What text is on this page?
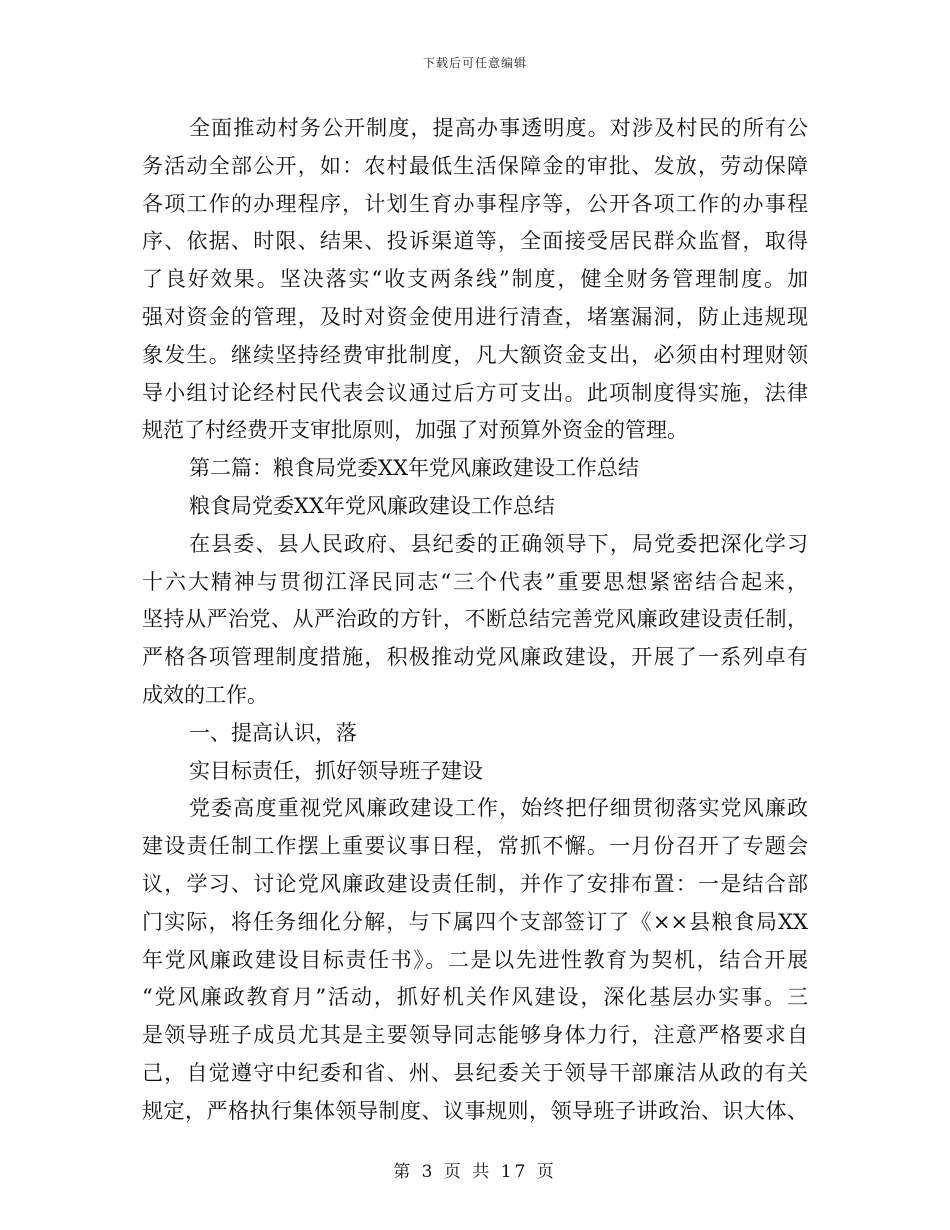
下载后可任意编辑
全面推动村务公开制度，提高办事透明度。对涉及村民的所有公
务活动全部公开，如：农村最低生活保障金的审批、发放，劳动保障
各项工作的办理程序，计划生育办事程序等，公开各项工作的办事程
序、依据、时限、结果、投诉渠道等，全面接受居民群众监督，取得
了良好效果。坚决落实“收支两条线”制度，健全财务管理制度。加
强对资金的管理，及时对资金使用进行清查，堵塞漏洞，防止违规现
象发生。继续坚持经费审批制度，凡大额资金支出，必须由村理财领
导小组讨论经村民代表会议通过后方可支出。此项制度得实施，法律
规范了村经费开支审批原则，加强了对预算外资金的管理。
第二篇：粮食局党委XX年党风廉政建设工作总结
粮食局党委XX年党风廉政建设工作总结
在县委、县人民政府、县纪委的正确领导下，局党委把深化学习
十六大精神与贯彻江泽民同志“三个代表”重要思想紧密结合起来，
坚持从严治党、从严治政的方针，不断总结完善党风廉政建设责任制，
严格各项管理制度措施，积极推动党风廉政建设，开展了一系列卓有
成效的工作。
一、提高认识，落
实目标责任，抓好领导班子建设
党委高度重视党风廉政建设工作，始终把仔细贯彻落实党风廉政
建设责任制工作摆上重要议事日程，常抓不懈。一月份召开了专题会
议，学习、讨论党风廉政建设责任制，并作了安排布置：一是结合部
门实际，将任务细化分解，与下属四个支部签订了《××县粮食局XX
年党风廉政建设目标责任书》。二是以先进性教育为契机，结合开展
“党风廉政教育月”活动，抓好机关作风建设，深化基层办实事。三
是领导班子成员尤其是主要领导同志能够身体力行，注意严格要求自
己，自觉遵守中纪委和省、州、县纪委关于领导干部廉洁从政的有关
规定，严格执行集体领导制度、议事规则，领导班子讲政治、识大体、
第 3 页 共 17 页
